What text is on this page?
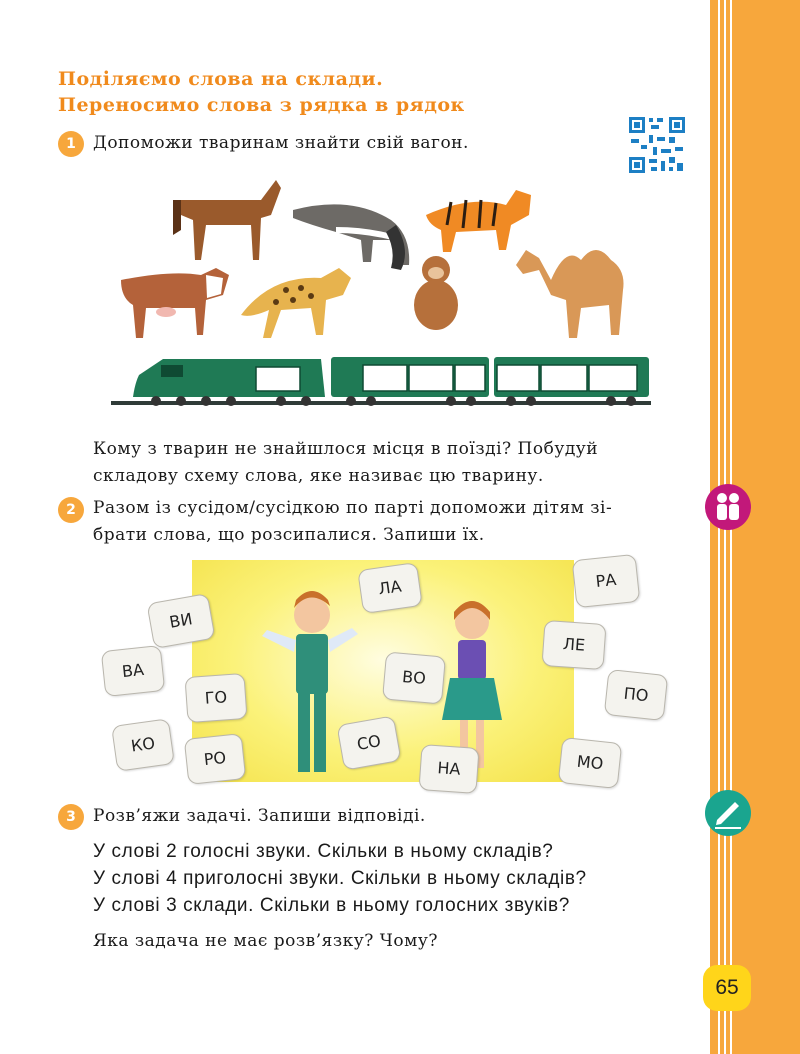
Поділяємо слова на склади.
Переносимо слова з рядка в рядок
1	Допоможи тваринам знайти свій вагон.
Кому з тварин не знайшлося місця в поїзді? Побудуй
складову схему слова, яке називає цю тварину.
2	Разом із сусідом/сусідкою по парті допоможи дітям зі-
брати слова, що розсипалися. Запиши їх.
ЛА	РА
ВИ
ЛЕ
ВА	ВО
ПО
ГО
СО
КО
РО	НА	МО
3	Розв’яжи задачі. Запиши відповіді.
У слові 2 голосні звуки. Скільки в ньому складів?
У слові 4 приголосні звуки. Скільки в ньому складів?
У слові 3 склади. Скільки в ньому голосних звуків?
Яка задача не має розв’язку? Чому?
65
